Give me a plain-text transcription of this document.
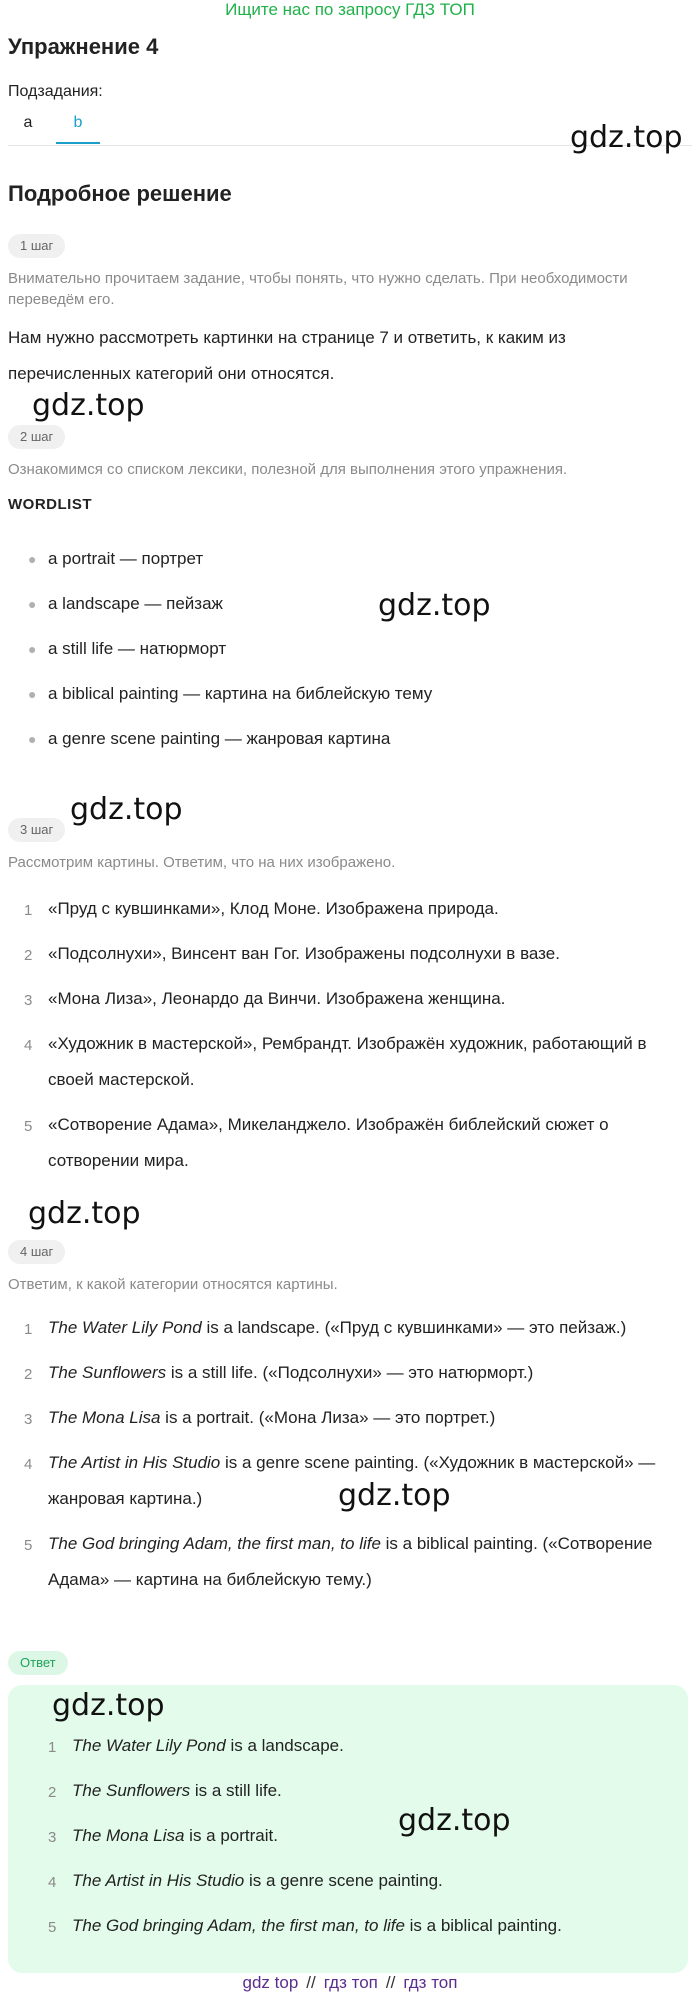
Ищите нас по запросу ГДЗ ТОП
Упражнение 4
Подзадания:
a	b	gdz.top
Подробное решение
1 шаг
Внимательно прочитаем задание, чтобы понять, что нужно сделать. При необходимости переведём его.
Нам нужно рассмотреть картинки на странице 7 и ответить, к каким из перечисленных категорий они относятся.
gdz.top
2 шаг
Ознакомимся со списком лексики, полезной для выполнения этого упражнения.
WORDLIST
● a portrait — портрет
● a landscape — пейзаж
● a still life — натюрморт
● a biblical painting — картина на библейскую тему
● a genre scene painting — жанровая картина
gdz.top
gdz.top
3 шаг
Рассмотрим картины. Ответим, что на них изображено.
1 «Пруд с кувшинками», Клод Моне. Изображена природа.
2 «Подсолнухи», Винсент ван Гог. Изображены подсолнухи в вазе.
3 «Мона Лиза», Леонардо да Винчи. Изображена женщина.
4 «Художник в мастерской», Рембрандт. Изображён художник, работающий в своей мастерской.
5 «Сотворение Адама», Микеланджело. Изображён библейский сюжет о сотворении мира.
gdz.top
4 шаг
Ответим, к какой категории относятся картины.
1 The Water Lily Pond is a landscape. («Пруд с кувшинками» — это пейзаж.)
2 The Sunflowers is a still life. («Подсолнухи» — это натюрморт.)
3 The Mona Lisa is a portrait. («Мона Лиза» — это портрет.)
4 The Artist in His Studio is a genre scene painting. («Художник в мастерской» — жанровая картина.)
5 The God bringing Adam, the first man, to life is a biblical painting. («Сотворение Адама» — картина на библейскую тему.)
gdz.top
Ответ
gdz.top
gdz.top
1 The Water Lily Pond is a landscape.
2 The Sunflowers is a still life.
3 The Mona Lisa is a portrait.
4 The Artist in His Studio is a genre scene painting.
5 The God bringing Adam, the first man, to life is a biblical painting.
gdz top // гдз топ // гдз топ
